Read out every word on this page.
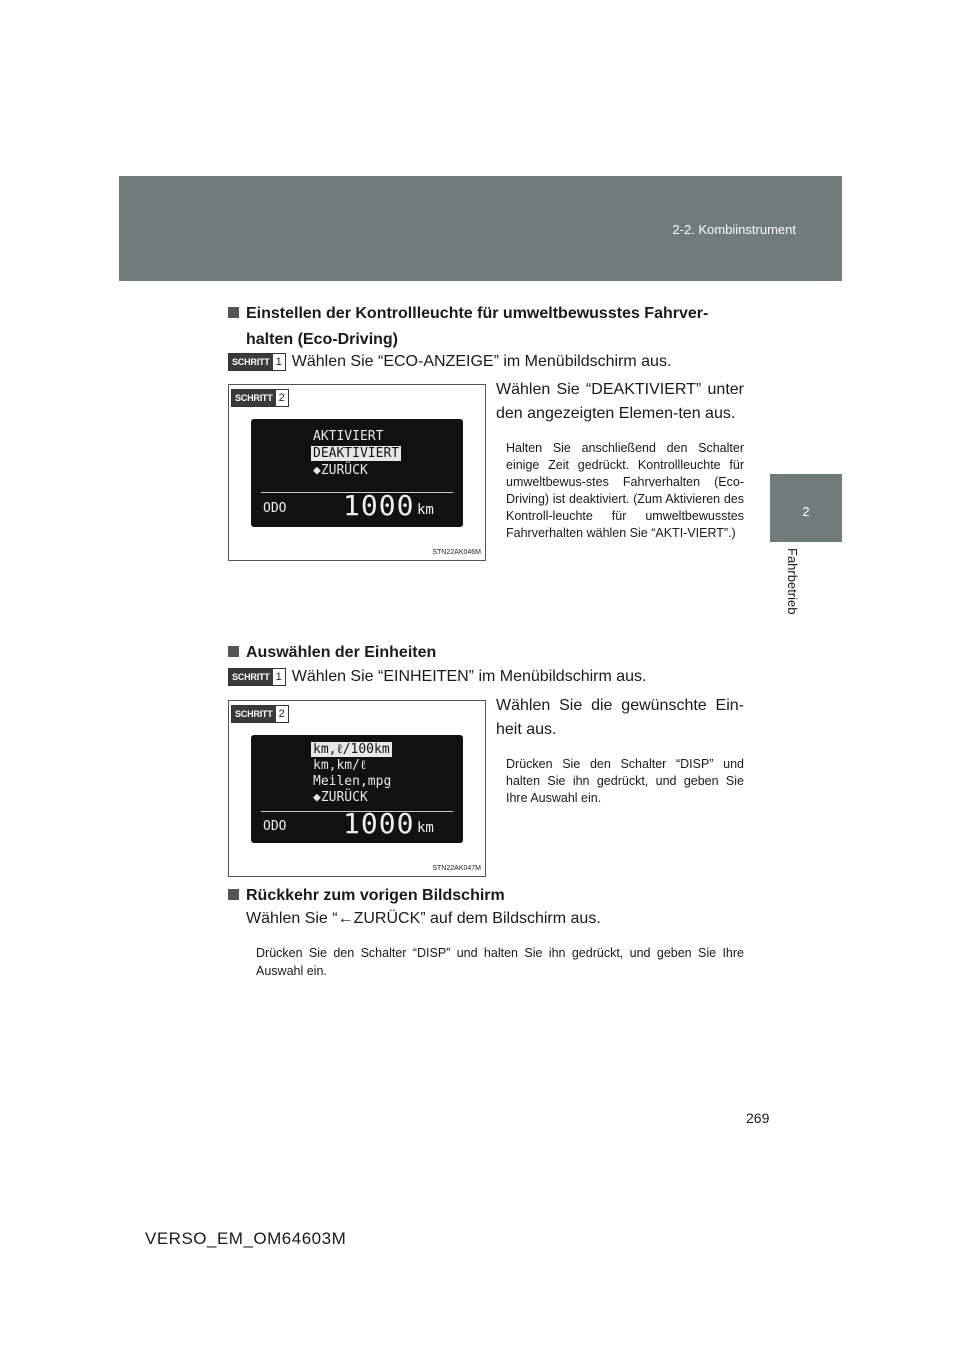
2-2. Kombiinstrument
2
Fahrbetrieb
Einstellen der Kontrollleuchte für umweltbewusstes Fahrver-
halten (Eco-Driving)
SCHRITT 1 Wählen Sie “ECO-ANZEIGE” im Menübildschirm aus.
SCHRITT 2
AKTIVIERT
DEAKTIVIERT
◆ZURÜCK
ODO 1000 km
STN22AK046M

Wählen Sie “DEAKTIVIERT” unter den angezeigten Elemen-ten aus.

Halten Sie anschließend den Schalter einige Zeit gedrückt. Kontrollleuchte für umweltbewus-stes Fahrverhalten (Eco-Driving) ist deaktiviert. (Zum Aktivieren des Kontroll-leuchte für umweltbewusstes Fahrverhalten wählen Sie “AKTI-VIERT”.)

Auswählen der Einheiten
SCHRITT 1 Wählen Sie “EINHEITEN” im Menübildschirm aus.
SCHRITT 2
km,ℓ/100km
km,km/ℓ
Meilen,mpg
◆ZURÜCK
ODO 1000 km
STN22AK047M

Wählen Sie die gewünschte Ein-heit aus.

Drücken Sie den Schalter “DISP” und halten Sie ihn gedrückt, und geben Sie Ihre Auswahl ein.

Rückkehr zum vorigen Bildschirm
Wählen Sie “←ZURÜCK” auf dem Bildschirm aus.
Drücken Sie den Schalter “DISP” und halten Sie ihn gedrückt, und geben Sie Ihre Auswahl ein.
269
VERSO_EM_OM64603M
